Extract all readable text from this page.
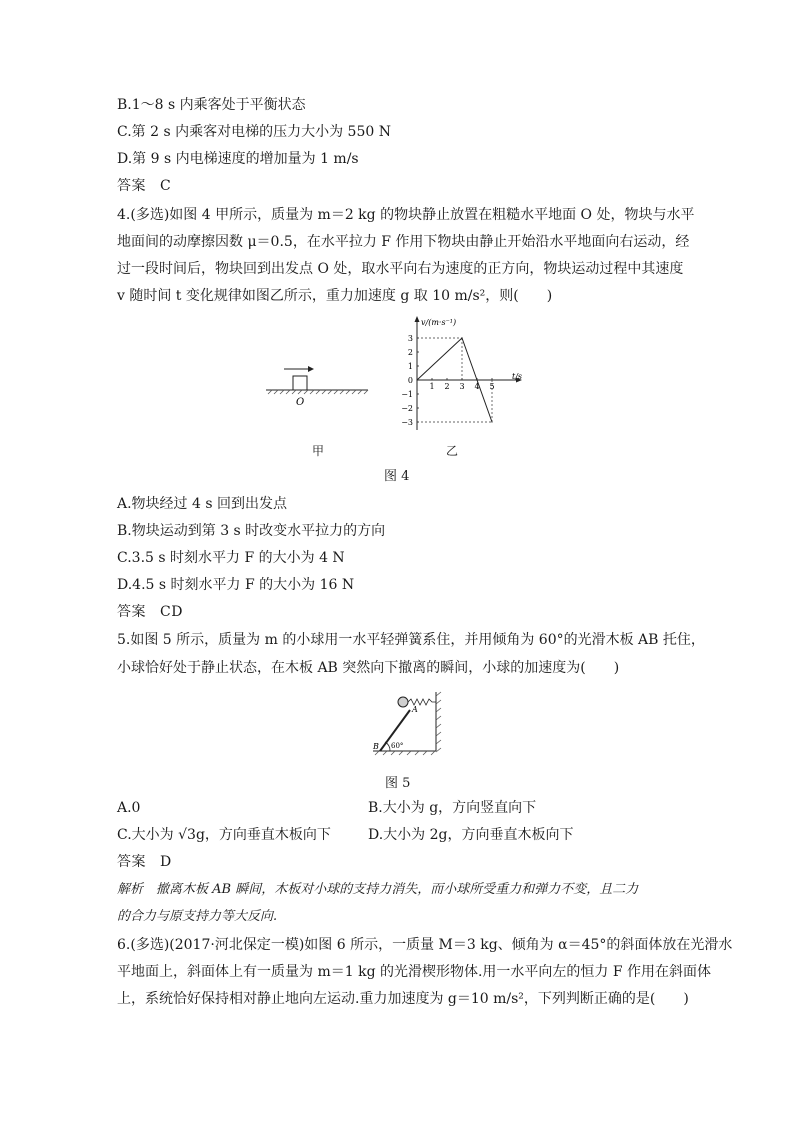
B.1～8 s 内乘客处于平衡状态
C.第 2 s 内乘客对电梯的压力大小为 550 N
D.第 9 s 内电梯速度的增加量为 1 m/s
答案 C
4.(多选)如图 4 甲所示，质量为 m＝2 kg 的物块静止放置在粗糙水平地面 O 处，物块与水平
地面间的动摩擦因数 μ＝0.5，在水平拉力 F 作用下物块由静止开始沿水平地面向右运动，经
过一段时间后，物块回到出发点 O 处，取水平向右为速度的正方向，物块运动过程中其速度
v 随时间 t 变化规律如图乙所示，重力加速度 g 取 10 m/s²，则(　　)
O
甲
3
2
1
0
−1
−2
−3
1 2 3 4 5
v/(m·s⁻¹)
t/s
乙
图 4
A.物块经过 4 s 回到出发点
B.物块运动到第 3 s 时改变水平拉力的方向
C.3.5 s 时刻水平力 F 的大小为 4 N
D.4.5 s 时刻水平力 F 的大小为 16 N
答案 CD
5.如图 5 所示，质量为 m 的小球用一水平轻弹簧系住，并用倾角为 60°的光滑木板 AB 托住，
小球恰好处于静止状态，在木板 AB 突然向下撤离的瞬间，小球的加速度为(　　)
B
A
60°
图 5
A.0	B.大小为 g，方向竖直向下
C.大小为 √3g，方向垂直木板向下	D.大小为 2g，方向垂直木板向下
答案 D
解析　撤离木板 AB 瞬间，木板对小球的支持力消失，而小球所受重力和弹力不变，且二力
的合力与原支持力等大反向.
6.(多选)(2017·河北保定一模)如图 6 所示，一质量 M＝3 kg、倾角为 α＝45°的斜面体放在光滑水
平地面上，斜面体上有一质量为 m＝1 kg 的光滑楔形物体.用一水平向左的恒力 F 作用在斜面体
上，系统恰好保持相对静止地向左运动.重力加速度为 g＝10 m/s²，下列判断正确的是(　　)
